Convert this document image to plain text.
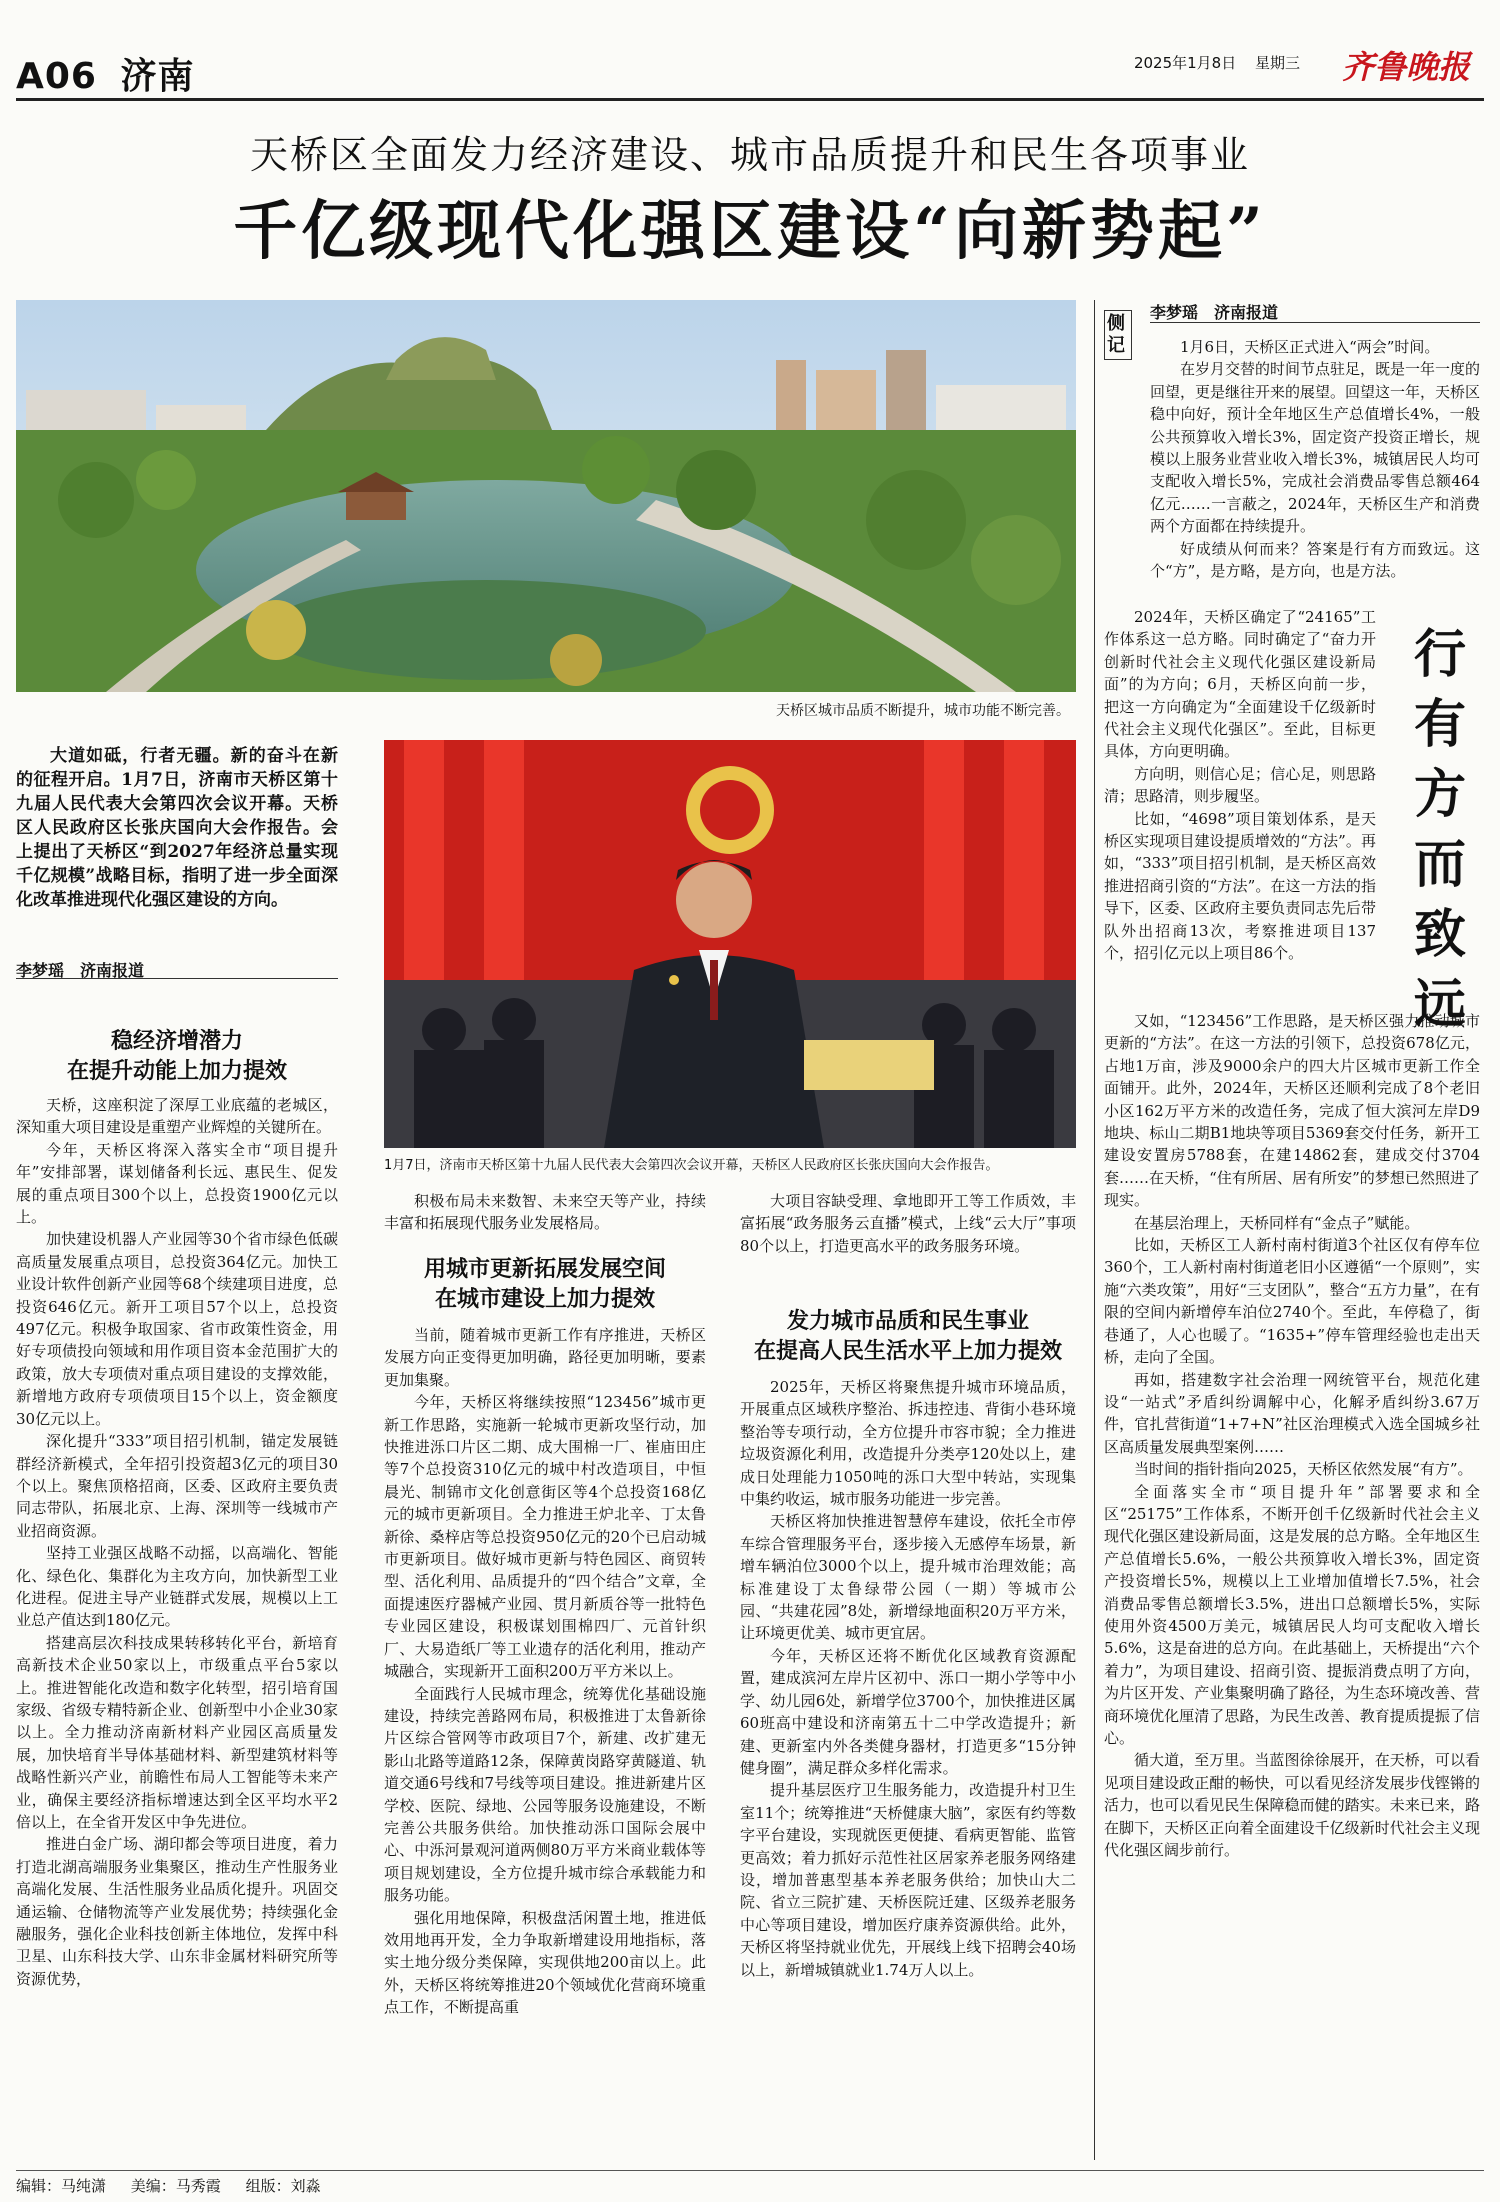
A06 济南	2025年1月8日 星期三 齐鲁晚报
天桥区全面发力经济建设、城市品质提升和民生各项事业
千亿级现代化强区建设“向新势起”
天桥区城市品质不断提升，城市功能不断完善。
大道如砥，行者无疆。新的奋斗在新的征程开启。1月7日，济南市天桥区第十九届人民代表大会第四次会议开幕。天桥区人民政府区长张庆国向大会作报告。会上提出了天桥区“到2027年经济总量实现千亿规模”战略目标，指明了进一步全面深化改革推进现代化强区建设的方向。
李梦瑶　济南报道
1月7日，济南市天桥区第十九届人民代表大会第四次会议开幕，天桥区人民政府区长张庆国向大会作报告。
稳经济增潜力
在提升动能上加力提效

天桥，这座积淀了深厚工业底蕴的老城区，深知重大项目建设是重塑产业辉煌的关键所在。

今年，天桥区将深入落实全市“项目提升年”安排部署，谋划储备利长远、惠民生、促发展的重点项目300个以上，总投资1900亿元以上。

加快建设机器人产业园等30个省市绿色低碳高质量发展重点项目，总投资364亿元。加快工业设计软件创新产业园等68个续建项目进度，总投资646亿元。新开工项目57个以上，总投资497亿元。积极争取国家、省市政策性资金，用好专项债投向领域和用作项目资本金范围扩大的政策，放大专项债对重点项目建设的支撑效能，新增地方政府专项债项目15个以上，资金额度30亿元以上。

深化提升“333”项目招引机制，锚定发展链群经济新模式，全年招引投资超3亿元的项目30个以上。聚焦顶格招商，区委、区政府主要负责同志带队，拓展北京、上海、深圳等一线城市产业招商资源。

坚持工业强区战略不动摇，以高端化、智能化、绿色化、集群化为主攻方向，加快新型工业化进程。促进主导产业链群式发展，规模以上工业总产值达到180亿元。

搭建高层次科技成果转移转化平台，新培育高新技术企业50家以上，市级重点平台5家以上。推进智能化改造和数字化转型，招引培育国家级、省级专精特新企业、创新型中小企业30家以上。全力推动济南新材料产业园区高质量发展，加快培育半导体基础材料、新型建筑材料等战略性新兴产业，前瞻性布局人工智能等未来产业，确保主要经济指标增速达到全区平均水平2倍以上，在全省开发区中争先进位。

推进白金广场、湖印都会等项目进度，着力打造北湖高端服务业集聚区，推动生产性服务业高端化发展、生活性服务业品质化提升。巩固交通运输、仓储物流等产业发展优势；持续强化金融服务，强化企业科技创新主体地位，发挥中科卫星、山东科技大学、山东非金属材料研究所等资源优势，

积极布局未来数智、未来空天等产业，持续丰富和拓展现代服务业发展格局。

用城市更新拓展发展空间
在城市建设上加力提效

当前，随着城市更新工作有序推进，天桥区发展方向正变得更加明确，路径更加明晰，要素更加集聚。

今年，天桥区将继续按照“123456”城市更新工作思路，实施新一轮城市更新攻坚行动，加快推进泺口片区二期、成大围棉一厂、崔庙田庄等7个总投资310亿元的城中村改造项目，中恒晨光、制锦市文化创意街区等4个总投资168亿元的城市更新项目。全力推进王炉北辛、丁太鲁新徐、桑梓店等总投资950亿元的20个已启动城市更新项目。做好城市更新与特色园区、商贸转型、活化利用、品质提升的“四个结合”文章，全面提速医疗器械产业园、贯月新质谷等一批特色专业园区建设，积极谋划围棉四厂、元首针织厂、大易造纸厂等工业遗存的活化利用，推动产城融合，实现新开工面积200万平方米以上。

全面践行人民城市理念，统筹优化基础设施建设，持续完善路网布局，积极推进丁太鲁新徐片区综合管网等市政项目7个，新建、改扩建无影山北路等道路12条，保障黄岗路穿黄隧道、轨道交通6号线和7号线等项目建设。推进新建片区学校、医院、绿地、公园等服务设施建设，不断完善公共服务供给。加快推动泺口国际会展中心、中泺河景观河道两侧80万平方米商业载体等项目规划建设，全方位提升城市综合承载能力和服务功能。

强化用地保障，积极盘活闲置土地，推进低效用地再开发，全力争取新增建设用地指标，落实土地分级分类保障，实现供地200亩以上。此外，天桥区将统筹推进20个领域优化营商环境重点工作，不断提高重

大项目容缺受理、拿地即开工等工作质效，丰富拓展“政务服务云直播”模式，上线“云大厅”事项80个以上，打造更高水平的政务服务环境。

发力城市品质和民生事业
在提高人民生活水平上加力提效

2025年，天桥区将聚焦提升城市环境品质，开展重点区域秩序整治、拆违控违、背街小巷环境整治等专项行动，全方位提升市容市貌；全力推进垃圾资源化利用，改造提升分类亭120处以上，建成日处理能力1050吨的泺口大型中转站，实现集中集约收运，城市服务功能进一步完善。

天桥区将加快推进智慧停车建设，依托全市停车综合管理服务平台，逐步接入无感停车场景，新增车辆泊位3000个以上，提升城市治理效能；高标准建设丁太鲁绿带公园（一期）等城市公园、“共建花园”8处，新增绿地面积20万平方米，让环境更优美、城市更宜居。

今年，天桥区还将不断优化区域教育资源配置，建成滨河左岸片区初中、泺口一期小学等中小学、幼儿园6处，新增学位3700个，加快推进区属60班高中建设和济南第五十二中学改造提升；新建、更新室内外各类健身器材，打造更多“15分钟健身圈”，满足群众多样化需求。

提升基层医疗卫生服务能力，改造提升村卫生室11个；统筹推进“天桥健康大脑”，家医有约等数字平台建设，实现就医更便捷、看病更智能、监管更高效；着力抓好示范性社区居家养老服务网络建设，增加普惠型基本养老服务供给；加快山大二院、省立三院扩建、天桥医院迁建、区级养老服务中心等项目建设，增加医疗康养资源供给。此外，天桥区将坚持就业优先，开展线上线下招聘会40场以上，新增城镇就业1.74万人以上。

李梦瑶　济南报道
侧记
行有方而致远

1月6日，天桥区正式进入“两会”时间。

在岁月交替的时间节点驻足，既是一年一度的回望，更是继往开来的展望。回望这一年，天桥区稳中向好，预计全年地区生产总值增长4%，一般公共预算收入增长3%，固定资产投资正增长，规模以上服务业营业收入增长3%，城镇居民人均可支配收入增长5%，完成社会消费品零售总额464亿元……一言蔽之，2024年，天桥区生产和消费两个方面都在持续提升。

好成绩从何而来？答案是行有方而致远。这个“方”，是方略，是方向，也是方法。

2024年，天桥区确定了“24165”工作体系这一总方略。同时确定了“奋力开创新时代社会主义现代化强区建设新局面”的为方向；6月，天桥区向前一步，把这一方向确定为“全面建设千亿级新时代社会主义现代化强区”。至此，目标更具体，方向更明确。

方向明，则信心足；信心足，则思路清；思路清，则步履坚。

比如，“4698”项目策划体系，是天桥区实现项目建设提质增效的“方法”。再如，“333”项目招引机制，是天桥区高效推进招商引资的“方法”。在这一方法的指导下，区委、区政府主要负责同志先后带队外出招商13次，考察推进项目137个，招引亿元以上项目86个。

又如，“123456”工作思路，是天桥区强力推动城市更新的“方法”。在这一方法的引领下，总投资678亿元，占地1万亩，涉及9000余户的四大片区城市更新工作全面铺开。此外，2024年，天桥区还顺利完成了8个老旧小区162万平方米的改造任务，完成了恒大滨河左岸D9地块、标山二期B1地块等项目5369套交付任务，新开工建设安置房5788套，在建14862套，建成交付3704套……在天桥，“住有所居、居有所安”的梦想已然照进了现实。

在基层治理上，天桥同样有“金点子”赋能。

比如，天桥区工人新村南村街道3个社区仅有停车位360个，工人新村南村街道老旧小区遵循“一个原则”，实施“六类攻策”，用好“三支团队”，整合“五方力量”，在有限的空间内新增停车泊位2740个。至此，车停稳了，街巷通了，人心也暖了。“1635+”停车管理经验也走出天桥，走向了全国。

再如，搭建数字社会治理一网统管平台，规范化建设“一站式”矛盾纠纷调解中心，化解矛盾纠纷3.67万件，官扎营街道“1+7+N”社区治理模式入选全国城乡社区高质量发展典型案例……

当时间的指针指向2025，天桥区依然发展“有方”。

全面落实全市“项目提升年”部署要求和全区“25175”工作体系，不断开创千亿级新时代社会主义现代化强区建设新局面，这是发展的总方略。全年地区生产总值增长5.6%，一般公共预算收入增长3%，固定资产投资增长5%，规模以上工业增加值增长7.5%，社会消费品零售总额增长3.5%，进出口总额增长5%，实际使用外资4500万美元，城镇居民人均可支配收入增长5.6%，这是奋进的总方向。在此基础上，天桥提出“六个着力”，为项目建设、招商引资、提振消费点明了方向，为片区开发、产业集聚明确了路径，为生态环境改善、营商环境优化厘清了思路，为民生改善、教育提质提振了信心。

循大道，至万里。当蓝图徐徐展开，在天桥，可以看见项目建设政正酣的畅快，可以看见经济发展步伐铿锵的活力，也可以看见民生保障稳而健的踏实。未来已来，路在脚下，天桥区正向着全面建设千亿级新时代社会主义现代化强区阔步前行。

编辑：马纯潇 美编：马秀霞 组版：刘淼
